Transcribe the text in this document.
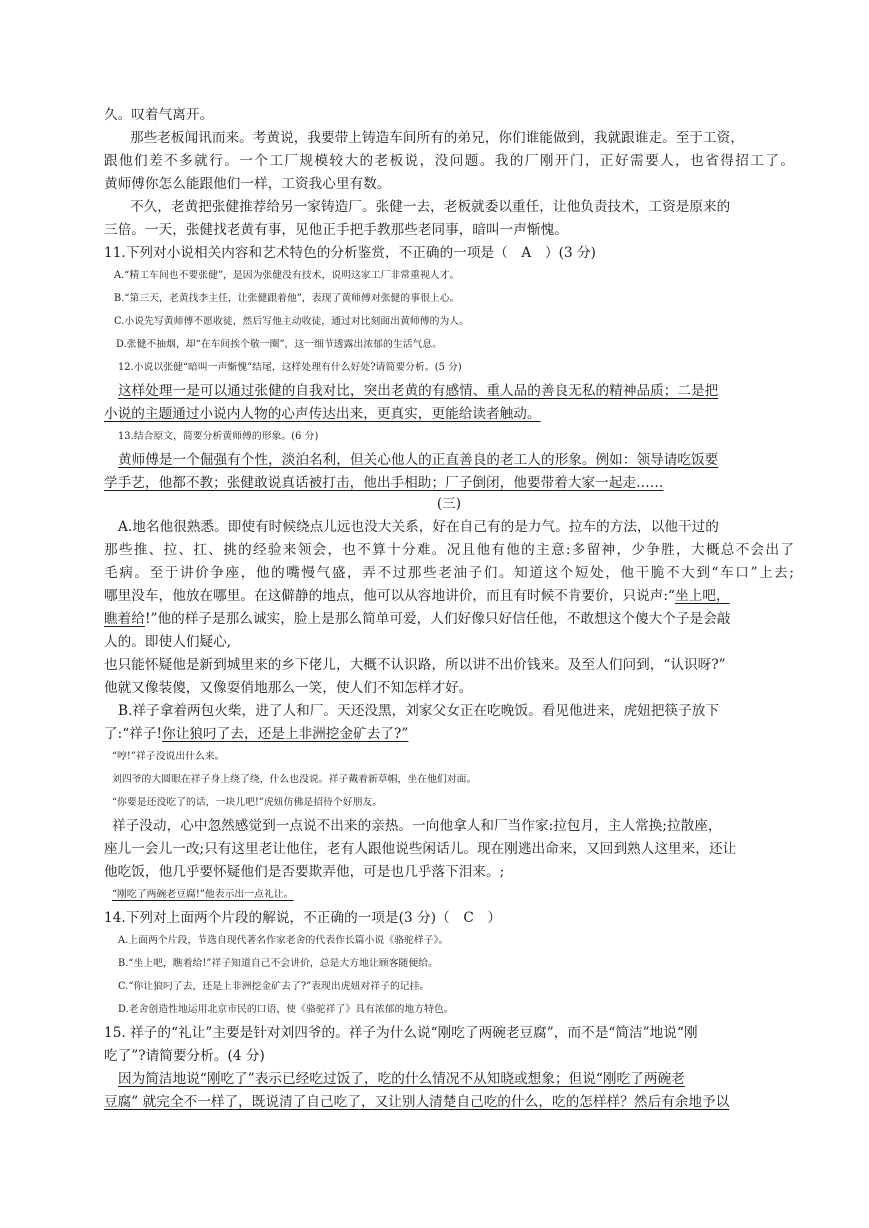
久。叹着气离开。
那些老板闻讯而来。考黄说，我要带上铸造车间所有的弟兄，你们谁能做到，我就跟谁走。至于工资，
跟他们差不多就行。一个工厂规模较大的老板说，没问题。我的厂刚开门，正好需要人，也省得招工了。
黄师傅你怎么能跟他们一样，工资我心里有数。
不久，老黄把张健推荐给另一家铸造厂。张健一去，老板就委以重任，让他负责技术，工资是原来的
三倍。一天，张健找老黄有事，见他正手把手教那些老同事，暗叫一声惭愧。
11.下列对小说相关内容和艺术特色的分析鉴赏，不正确的一项是（　A　）(3 分)
A.“精工车间也不要张健”，是因为张健没有技术，说明这家工厂非常重视人才。
B.“第三天，老黄找李主任，让张健跟着他”，表现了黄师傅对张健的事很上心。
C.小说先写黄师傅不愿收徒，然后写他主动收徒，通过对比刻面出黄师傅的为人。
D.张健不抽烟，却“在车间挨个敬一圈”，这一细节透露出浓郁的生活气息。
12.小说以张健“暗叫一声惭愧”结尾，这样处理有什么好处?请简要分析。(5 分)
这样处理一是可以通过张健的自我对比，突出老黄的有感情、重人品的善良无私的精神品质；二是把
小说的主题通过小说内人物的心声传达出来，更真实，更能给读者触动。
13.结合原文，简要分析黄师傅的形象。(6 分)
黄师傅是一个倔强有个性，淡泊名利，但关心他人的正直善良的老工人的形象。例如：领导请吃饭要
学手艺，他都不教；张健敢说真话被打击，他出手相助；厂子倒闭，他要带着大家一起走……
(三)
A.地名他很熟悉。即使有时候绕点儿远也没大关系，好在自己有的是力气。拉车的方法，以他干过的
那些推、拉、扛、挑的经验来领会，也不算十分难。况且他有他的主意:多留神，少争胜，大概总不会出了
毛病。至于讲价争座，他的嘴慢气盛，弄不过那些老油子们。知道这个短处，他干脆不大到“车口”上去;
哪里没车，他放在哪里。在这僻静的地点，他可以从容地讲价，而且有时候不肯要价，只说声:“坐上吧，
瞧着给!”他的样子是那么诚实，脸上是那么简单可爱，人们好像只好信任他，不敢想这个傻大个子是会敲
人的。即使人们疑心,
也只能怀疑他是新到城里来的乡下佬儿，大概不认识路，所以讲不出价钱来。及至人们问到，“认识呀?”
他就又像装傻，又像耍俏地那么一笑，使人们不知怎样才好。
B.祥子拿着两包火柴，进了人和厂。天还没黑，刘家父女正在吃晚饭。看见他进来，虎妞把筷子放下
了:“祥子!你让狼叼了去，还是上非洲挖金矿去了?”
“哼!”祥子没说出什么来。
刘四爷的大圆眼在祥子身上绕了绕，什么也没说。祥子戴着新草帽，坐在他们对面。
“你要是还没吃了的话，一块儿吧!”虎妞仿佛是招待个好朋友。
祥子没动，心中忽然感觉到一点说不出来的亲热。一向他拿人和厂当作家:拉包月，主人常换;拉散座，
座儿一会儿一改;只有这里老让他住，老有人跟他说些闲话儿。现在刚逃出命来，又回到熟人这里来，还让
他吃饭，他几乎要怀疑他们是否要欺弄他，可是也几乎落下泪来。;
“刚吃了两碗老豆腐!”他表示出一点礼让。
14.下列对上面两个片段的解说，不正确的一项是(3 分)（　C　）
A.上面两个片段，节选自现代著名作家老舍的代表作长篇小说《骆驼样子》。
B.“坐上吧，瞧着给!”祥子知道自己不会讲价，总是大方地让顾客随便给。
C.“你让狼叼了去，还是上非洲挖金矿去了?”表现出虎妞对祥子的记挂。
D.老舍创造性地运用北京市民的口语，使《骆驼祥了》具有浓郁的地方特色。
15. 祥子的“礼让”主要是针对刘四爷的。祥子为什么说“刚吃了两碗老豆腐”，而不是“简洁”地说“刚
吃了”?请简要分析。(4 分)
因为简洁地说“刚吃了”表示已经吃过饭了，吃的什么情况不从知晓或想象；但说“刚吃了两碗老
豆腐” 就完全不一样了，既说清了自己吃了，又让别人清楚自己吃的什么，吃的怎样样？然后有余地予以
